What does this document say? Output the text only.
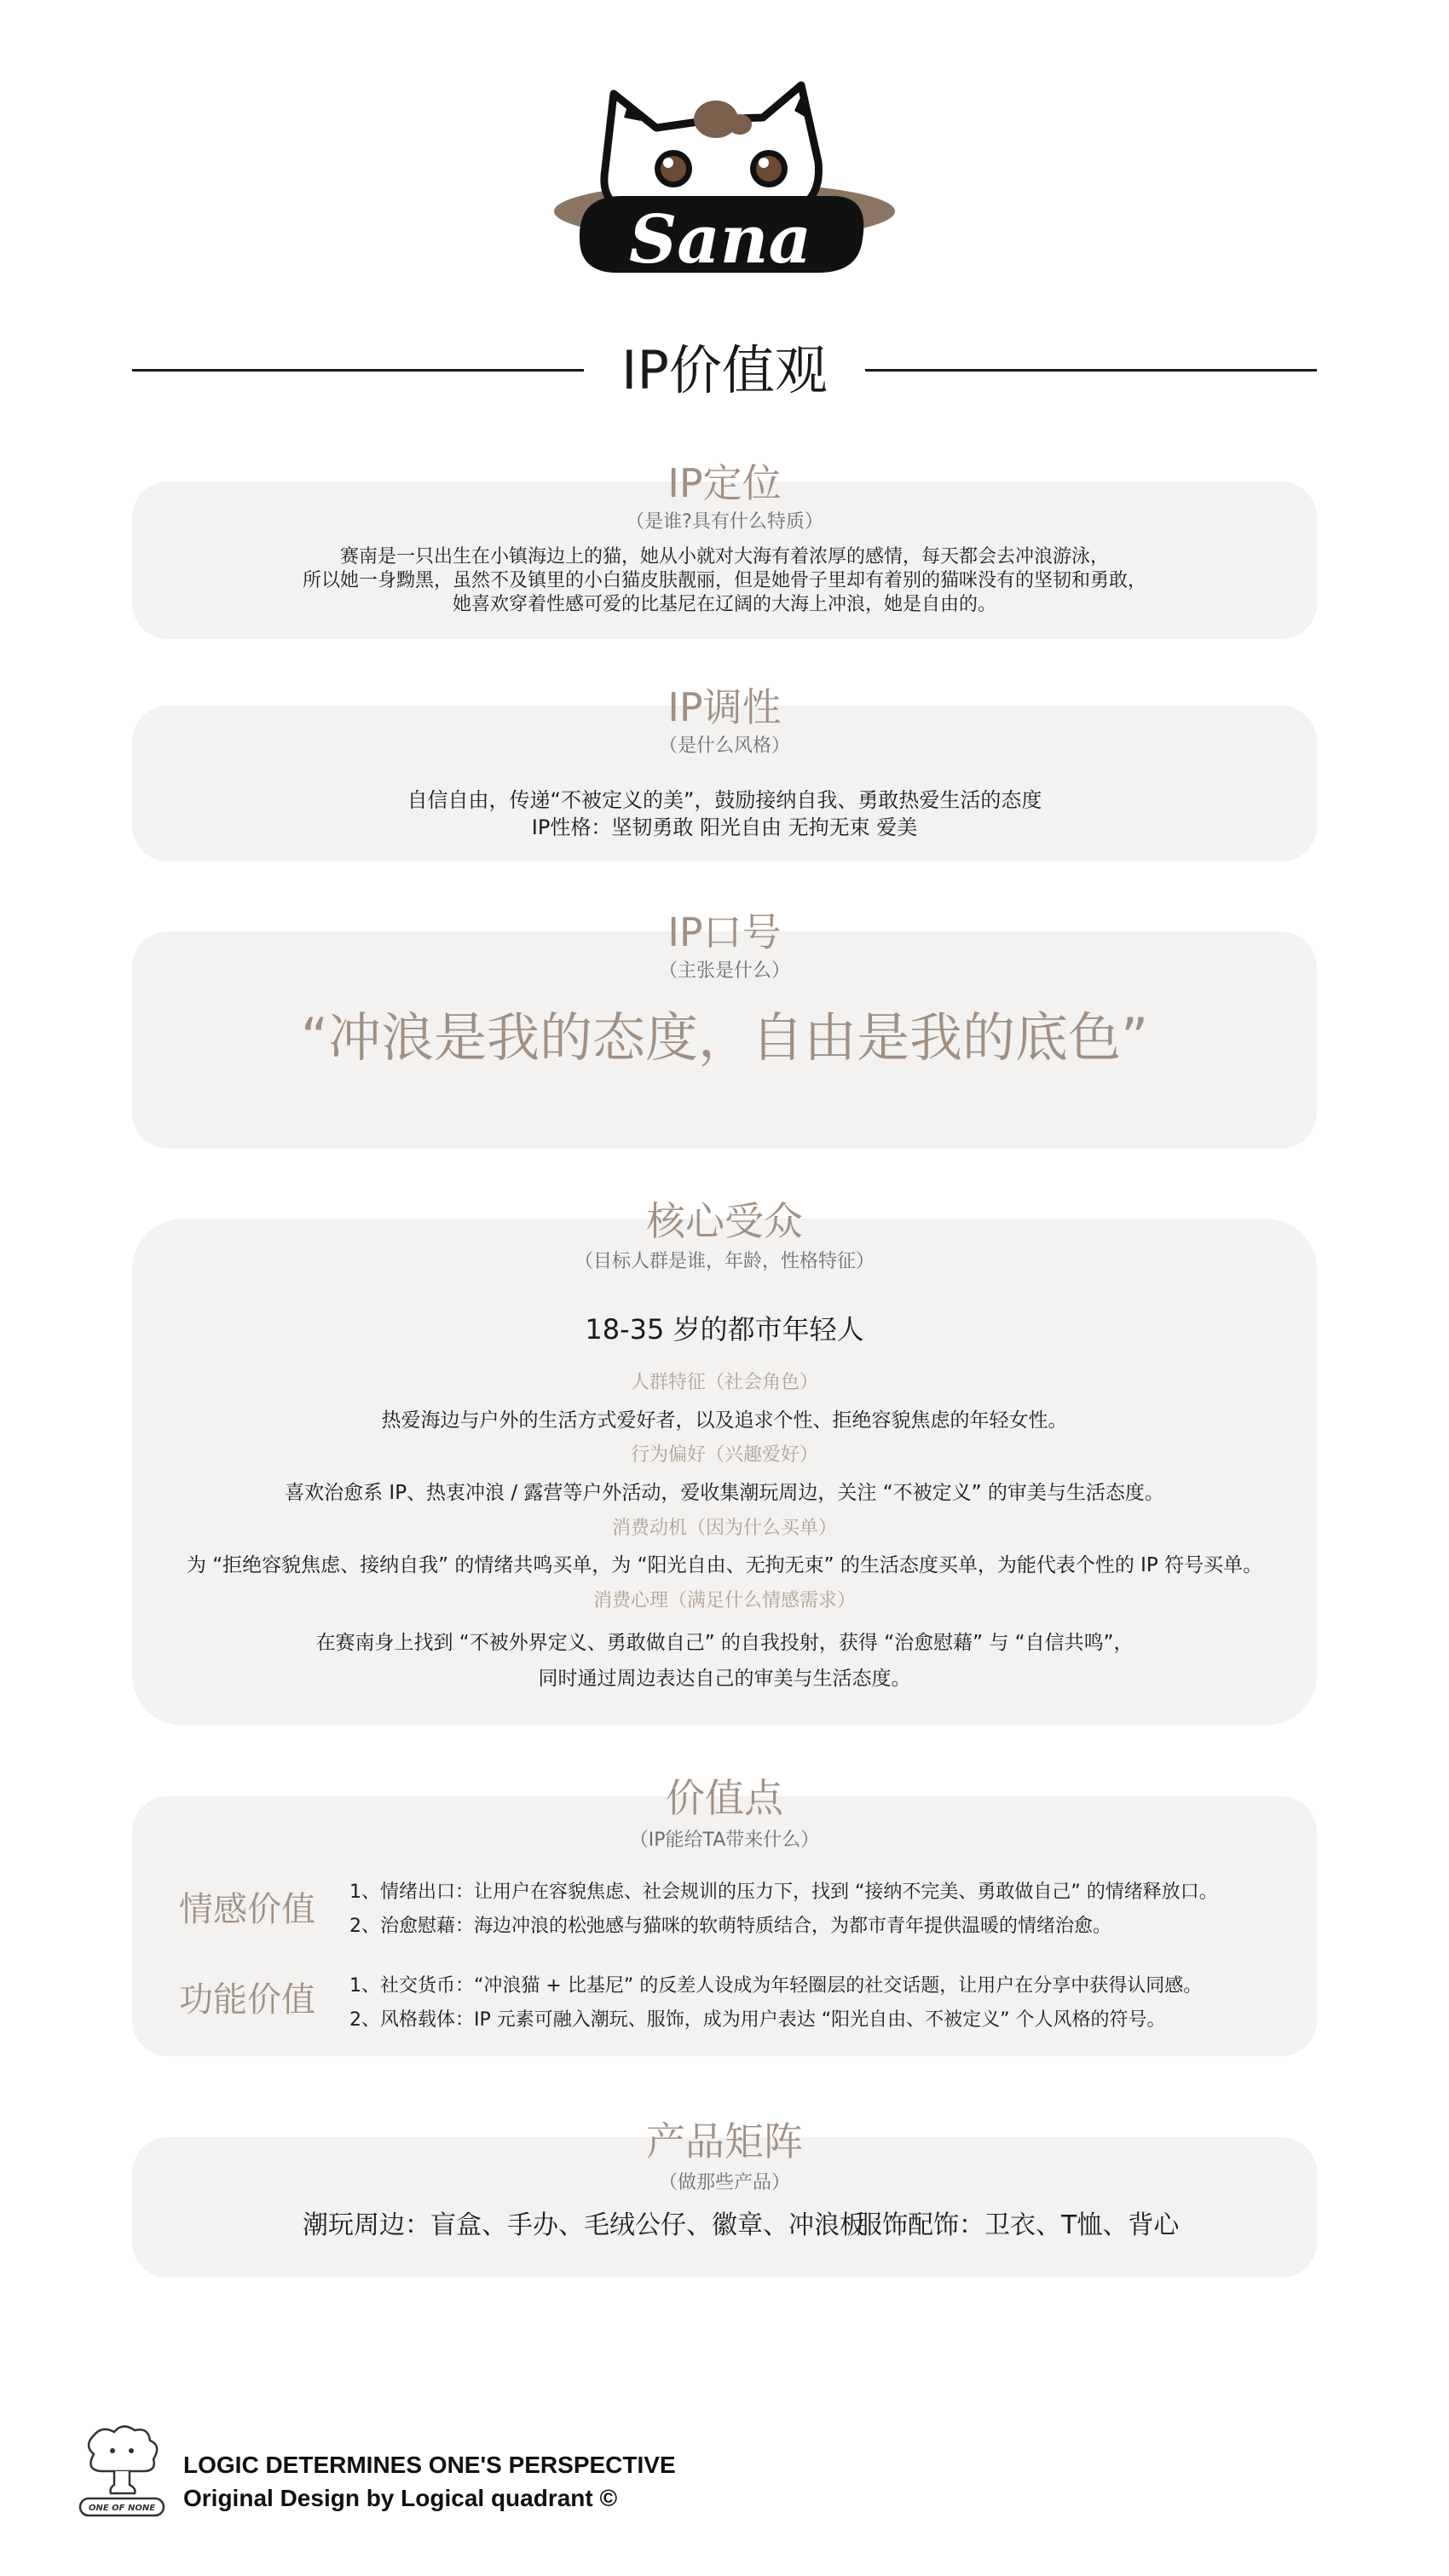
Sana
IP价值观
IP定位
（是谁?具有什么特质）

赛南是一只出生在小镇海边上的猫，她从小就对大海有着浓厚的感情，每天都会去冲浪游泳，

所以她一身黝黑，虽然不及镇里的小白猫皮肤靓丽，但是她骨子里却有着别的猫咪没有的坚韧和勇敢，

她喜欢穿着性感可爱的比基尼在辽阔的大海上冲浪，她是自由的。

IP调性
（是什么风格）

自信自由，传递“不被定义的美”，鼓励接纳自我、勇敢热爱生活的态度

IP性格：坚韧勇敢 阳光自由 无拘无束 爱美

IP口号
（主张是什么）
“冲浪是我的态度，自由是我的底色”
核心受众
（目标人群是谁，年龄，性格特征）
18-35 岁的都市年轻人
人群特征（社会角色）

热爱海边与户外的生活方式爱好者，以及追求个性、拒绝容貌焦虑的年轻女性。

行为偏好（兴趣爱好）

喜欢治愈系 IP、热衷冲浪 / 露营等户外活动，爱收集潮玩周边，关注 “不被定义” 的审美与生活态度。

消费动机（因为什么买单）

为 “拒绝容貌焦虑、接纳自我” 的情绪共鸣买单，为 “阳光自由、无拘无束” 的生活态度买单，为能代表个性的 IP 符号买单。

消费心理（满足什么情感需求）

在赛南身上找到 “不被外界定义、勇敢做自己” 的自我投射，获得 “治愈慰藉” 与 “自信共鸣”，

同时通过周边表达自己的审美与生活态度。

价值点
（IP能给TA带来什么）
情感价值 1、情绪出口：让用户在容貌焦虑、社会规训的压力下，找到 “接纳不完美、勇敢做自己” 的情绪释放口。
2、治愈慰藉：海边冲浪的松弛感与猫咪的软萌特质结合，为都市青年提供温暖的情绪治愈。
功能价值 1、社交货币：“冲浪猫 + 比基尼” 的反差人设成为年轻圈层的社交话题，让用户在分享中获得认同感。
2、风格载体：IP 元素可融入潮玩、服饰，成为用户表达 “阳光自由、不被定义” 个人风格的符号。
产品矩阵
（做那些产品）
潮玩周边：盲盒、手办、毛绒公仔、徽章、冲浪板
服饰配饰：卫衣、T恤、背心
ONE OF NONE
LOGIC DETERMINES ONE'S PERSPECTIVE
Original Design by Logical quadrant ©
